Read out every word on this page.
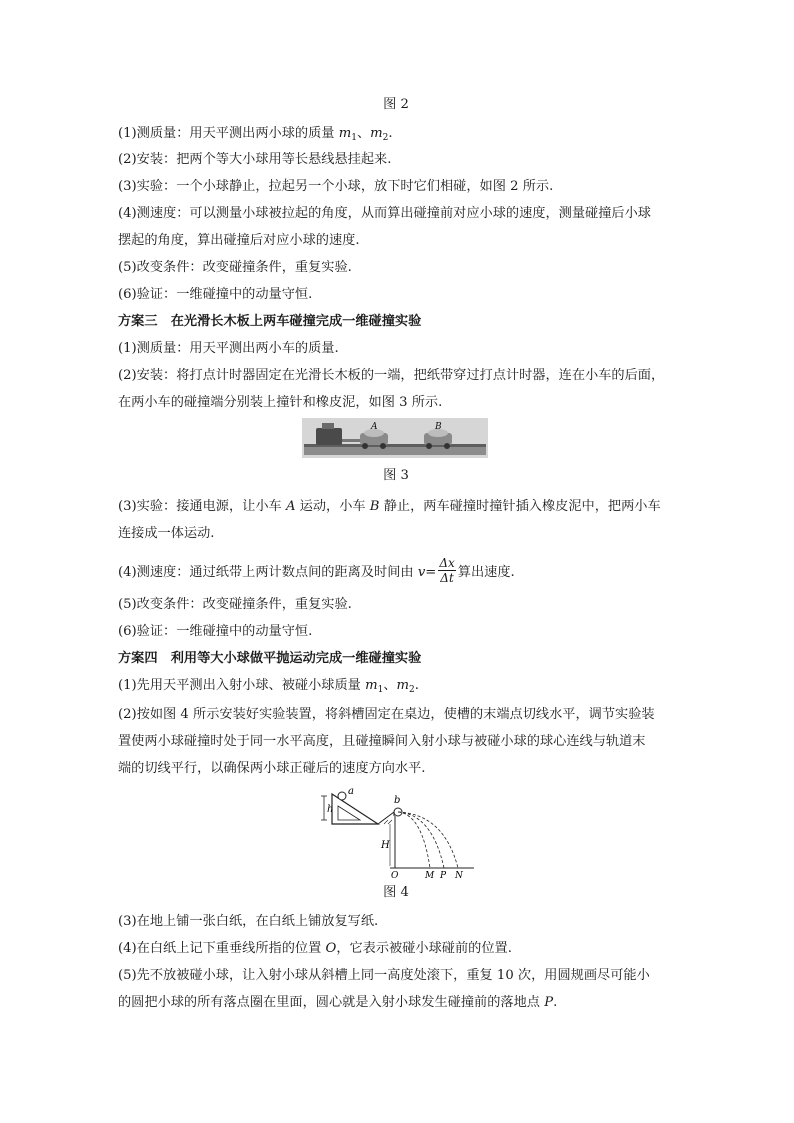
图 2
(1)测质量：用天平测出两小球的质量 $m_1$、$m_2$.
(2)安装：把两个等大小球用等长悬线悬挂起来.
(3)实验：一个小球静止，拉起另一个小球，放下时它们相碰，如图 2 所示.
(4)测速度：可以测量小球被拉起的角度，从而算出碰撞前对应小球的速度，测量碰撞后小球
摆起的角度，算出碰撞后对应小球的速度.
(5)改变条件：改变碰撞条件，重复实验.
(6)验证：一维碰撞中的动量守恒.
方案三　在光滑长木板上两车碰撞完成一维碰撞实验
(1)测质量：用天平测出两小车的质量.
(2)安装：将打点计时器固定在光滑长木板的一端，把纸带穿过打点计时器，连在小车的后面，
在两小车的碰撞端分别装上撞针和橡皮泥，如图 3 所示.
A	B
图 3
(3)实验：接通电源，让小车 A 运动，小车 B 静止，两车碰撞时撞针插入橡皮泥中，把两小车
连接成一体运动.
(4)测速度：通过纸带上两计数点间的距离及时间由 $v= \frac{\Delta x}{\Delta t}$ 算出速度.
(5)改变条件：改变碰撞条件，重复实验.
(6)验证：一维碰撞中的动量守恒.
方案四　利用等大小球做平抛运动完成一维碰撞实验
(1)先用天平测出入射小球、被碰小球质量 $m_1$、$m_2$.
(2)按如图 4 所示安装好实验装置，将斜槽固定在桌边，使槽的末端点切线水平，调节实验装
置使两小球碰撞时处于同一水平高度，且碰撞瞬间入射小球与被碰小球的球心连线与轨道末
端的切线平行，以确保两小球正碰后的速度方向水平.
h
a
b
H
O	M P N
图 4
(3)在地上铺一张白纸，在白纸上铺放复写纸.
(4)在白纸上记下重垂线所指的位置 O，它表示被碰小球碰前的位置.
(5)先不放被碰小球，让入射小球从斜槽上同一高度处滚下，重复 10 次，用圆规画尽可能小
的圆把小球的所有落点圈在里面，圆心就是入射小球发生碰撞前的落地点 P.
